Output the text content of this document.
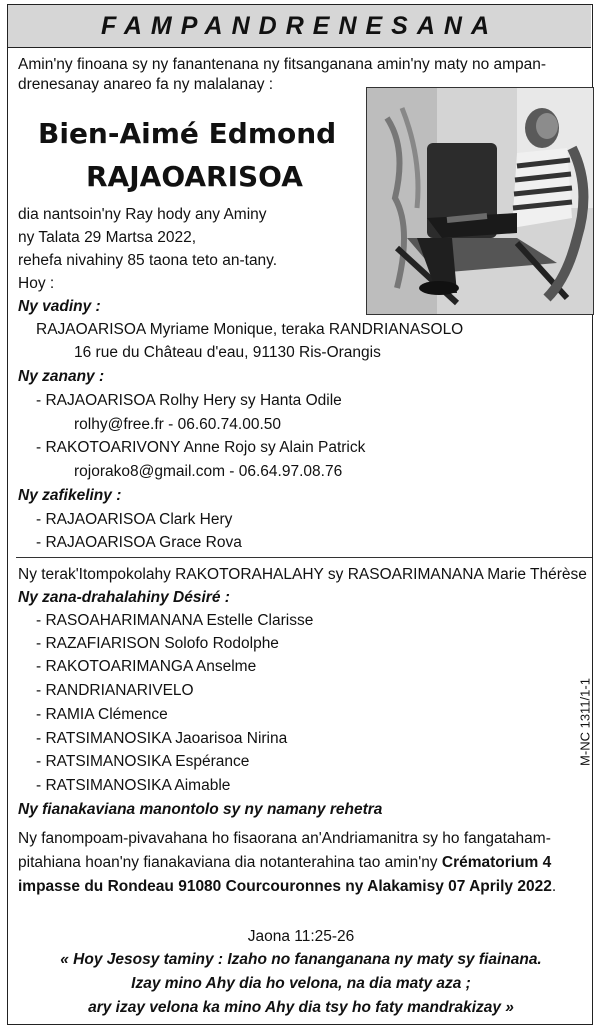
FAMPANDRENESANA
Amin'ny finoana sy ny fanantenana ny fitsanganana amin'ny maty no ampan-
drenesanay anareo fa ny malalanay :
Bien-Aimé Edmond
RAJAOARISOA
dia nantsoin'ny Ray hody any Aminy
ny Talata 29 Martsa 2022,
rehefa nivahiny 85 taona teto an-tany.
Hoy :
Ny vadiny :
RAJAOARISOA Myriame Monique, teraka RANDRIANASOLO
16 rue du Château d'eau, 91130 Ris-Orangis
Ny zanany :
- RAJAOARISOA Rolhy Hery sy Hanta Odile
rolhy@free.fr - 06.60.74.00.50
- RAKOTOARIVONY Anne Rojo sy Alain Patrick
rojorako8@gmail.com - 06.64.97.08.76
Ny zafikeliny :
- RAJAOARISOA Clark Hery
- RAJAOARISOA Grace Rova
Ny terak'Itompokolahy RAKOTORAHALAHY sy RASOARIMANANA Marie Thérèse
Ny zana-drahalahiny Désiré :
- RASOAHARIMANANA Estelle Clarisse
- RAZAFIARISON Solofo Rodolphe
- RAKOTOARIMANGA Anselme
- RANDRIANARIVELO
- RAMIA Clémence
- RATSIMANOSIKA Jaoarisoa Nirina
- RATSIMANOSIKA Espérance
- RATSIMANOSIKA Aimable
Ny fianakaviana manontolo sy ny namany rehetra
Ny fanompoam-pivavahana ho fisaorana an'Andriamanitra sy ho fangataham-
pitahiana hoan'ny fianakaviana dia notanterahina tao amin'ny Crématorium 4
impasse du Rondeau 91080 Courcouronnes ny Alakamisy 07 Aprily 2022.
Jaona 11:25-26
« Hoy Jesosy taminy : Izaho no fananganana ny maty sy fiainana.
Izay mino Ahy dia ho velona, na dia maty aza ;
ary izay velona ka mino Ahy dia tsy ho faty mandrakizay »
M-NC 1311/1-1
